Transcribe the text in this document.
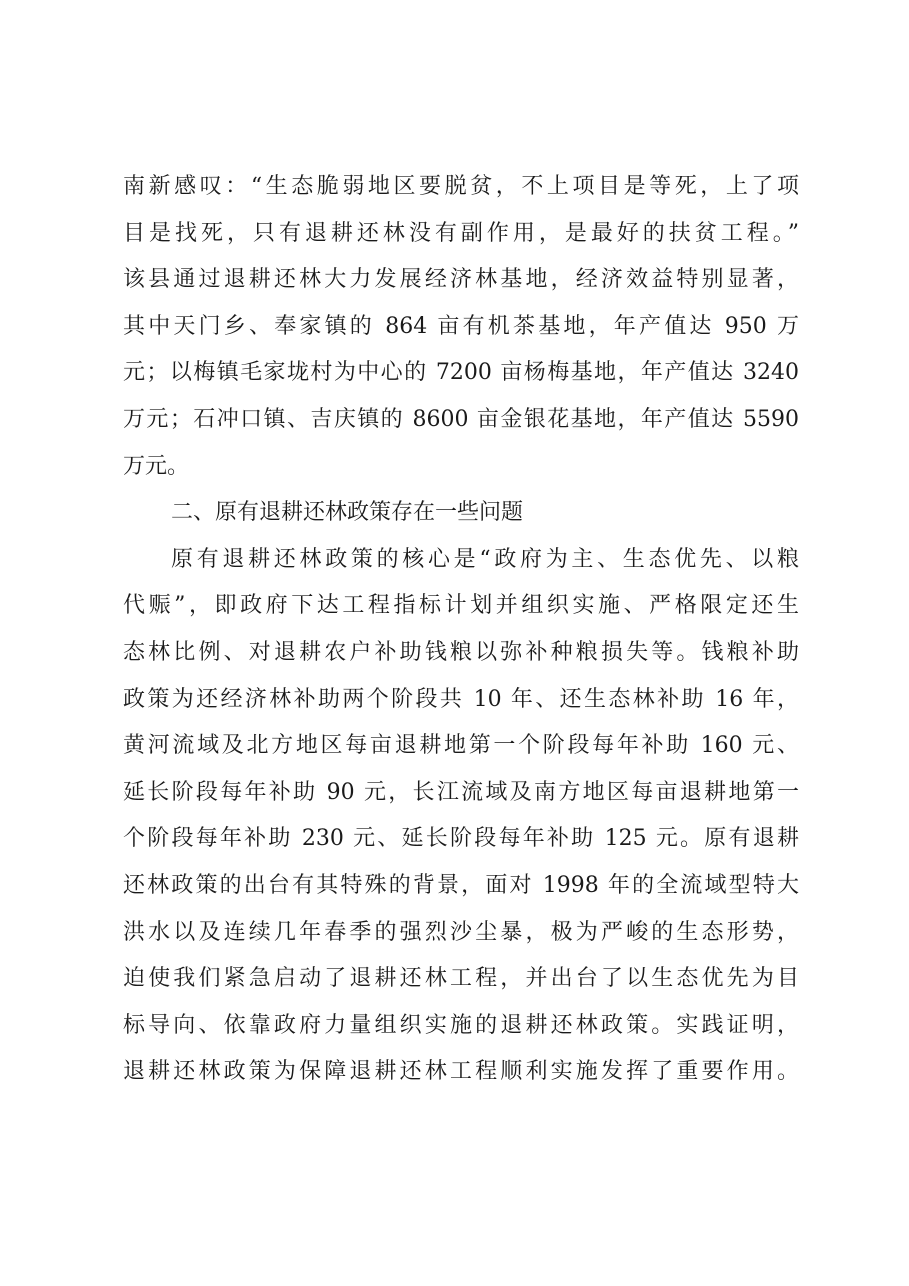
南新感叹：“生态脆弱地区要脱贫，不上项目是等死，上了项
目是找死，只有退耕还林没有副作用，是最好的扶贫工程。”
该县通过退耕还林大力发展经济林基地，经济效益特别显著，
其中天门乡、奉家镇的 864 亩有机茶基地，年产值达 950 万
元；以梅镇毛家垅村为中心的 7200 亩杨梅基地，年产值达 3240
万元；石冲口镇、吉庆镇的 8600 亩金银花基地，年产值达 5590
万元。
二、原有退耕还林政策存在一些问题
原有退耕还林政策的核心是“政府为主、生态优先、以粮
代赈”，即政府下达工程指标计划并组织实施、严格限定还生
态林比例、对退耕农户补助钱粮以弥补种粮损失等。钱粮补助
政策为还经济林补助两个阶段共 10 年、还生态林补助 16 年，
黄河流域及北方地区每亩退耕地第一个阶段每年补助 160 元、
延长阶段每年补助 90 元，长江流域及南方地区每亩退耕地第一
个阶段每年补助 230 元、延长阶段每年补助 125 元。原有退耕
还林政策的出台有其特殊的背景，面对 1998 年的全流域型特大
洪水以及连续几年春季的强烈沙尘暴，极为严峻的生态形势，
迫使我们紧急启动了退耕还林工程，并出台了以生态优先为目
标导向、依靠政府力量组织实施的退耕还林政策。实践证明，
退耕还林政策为保障退耕还林工程顺利实施发挥了重要作用。
